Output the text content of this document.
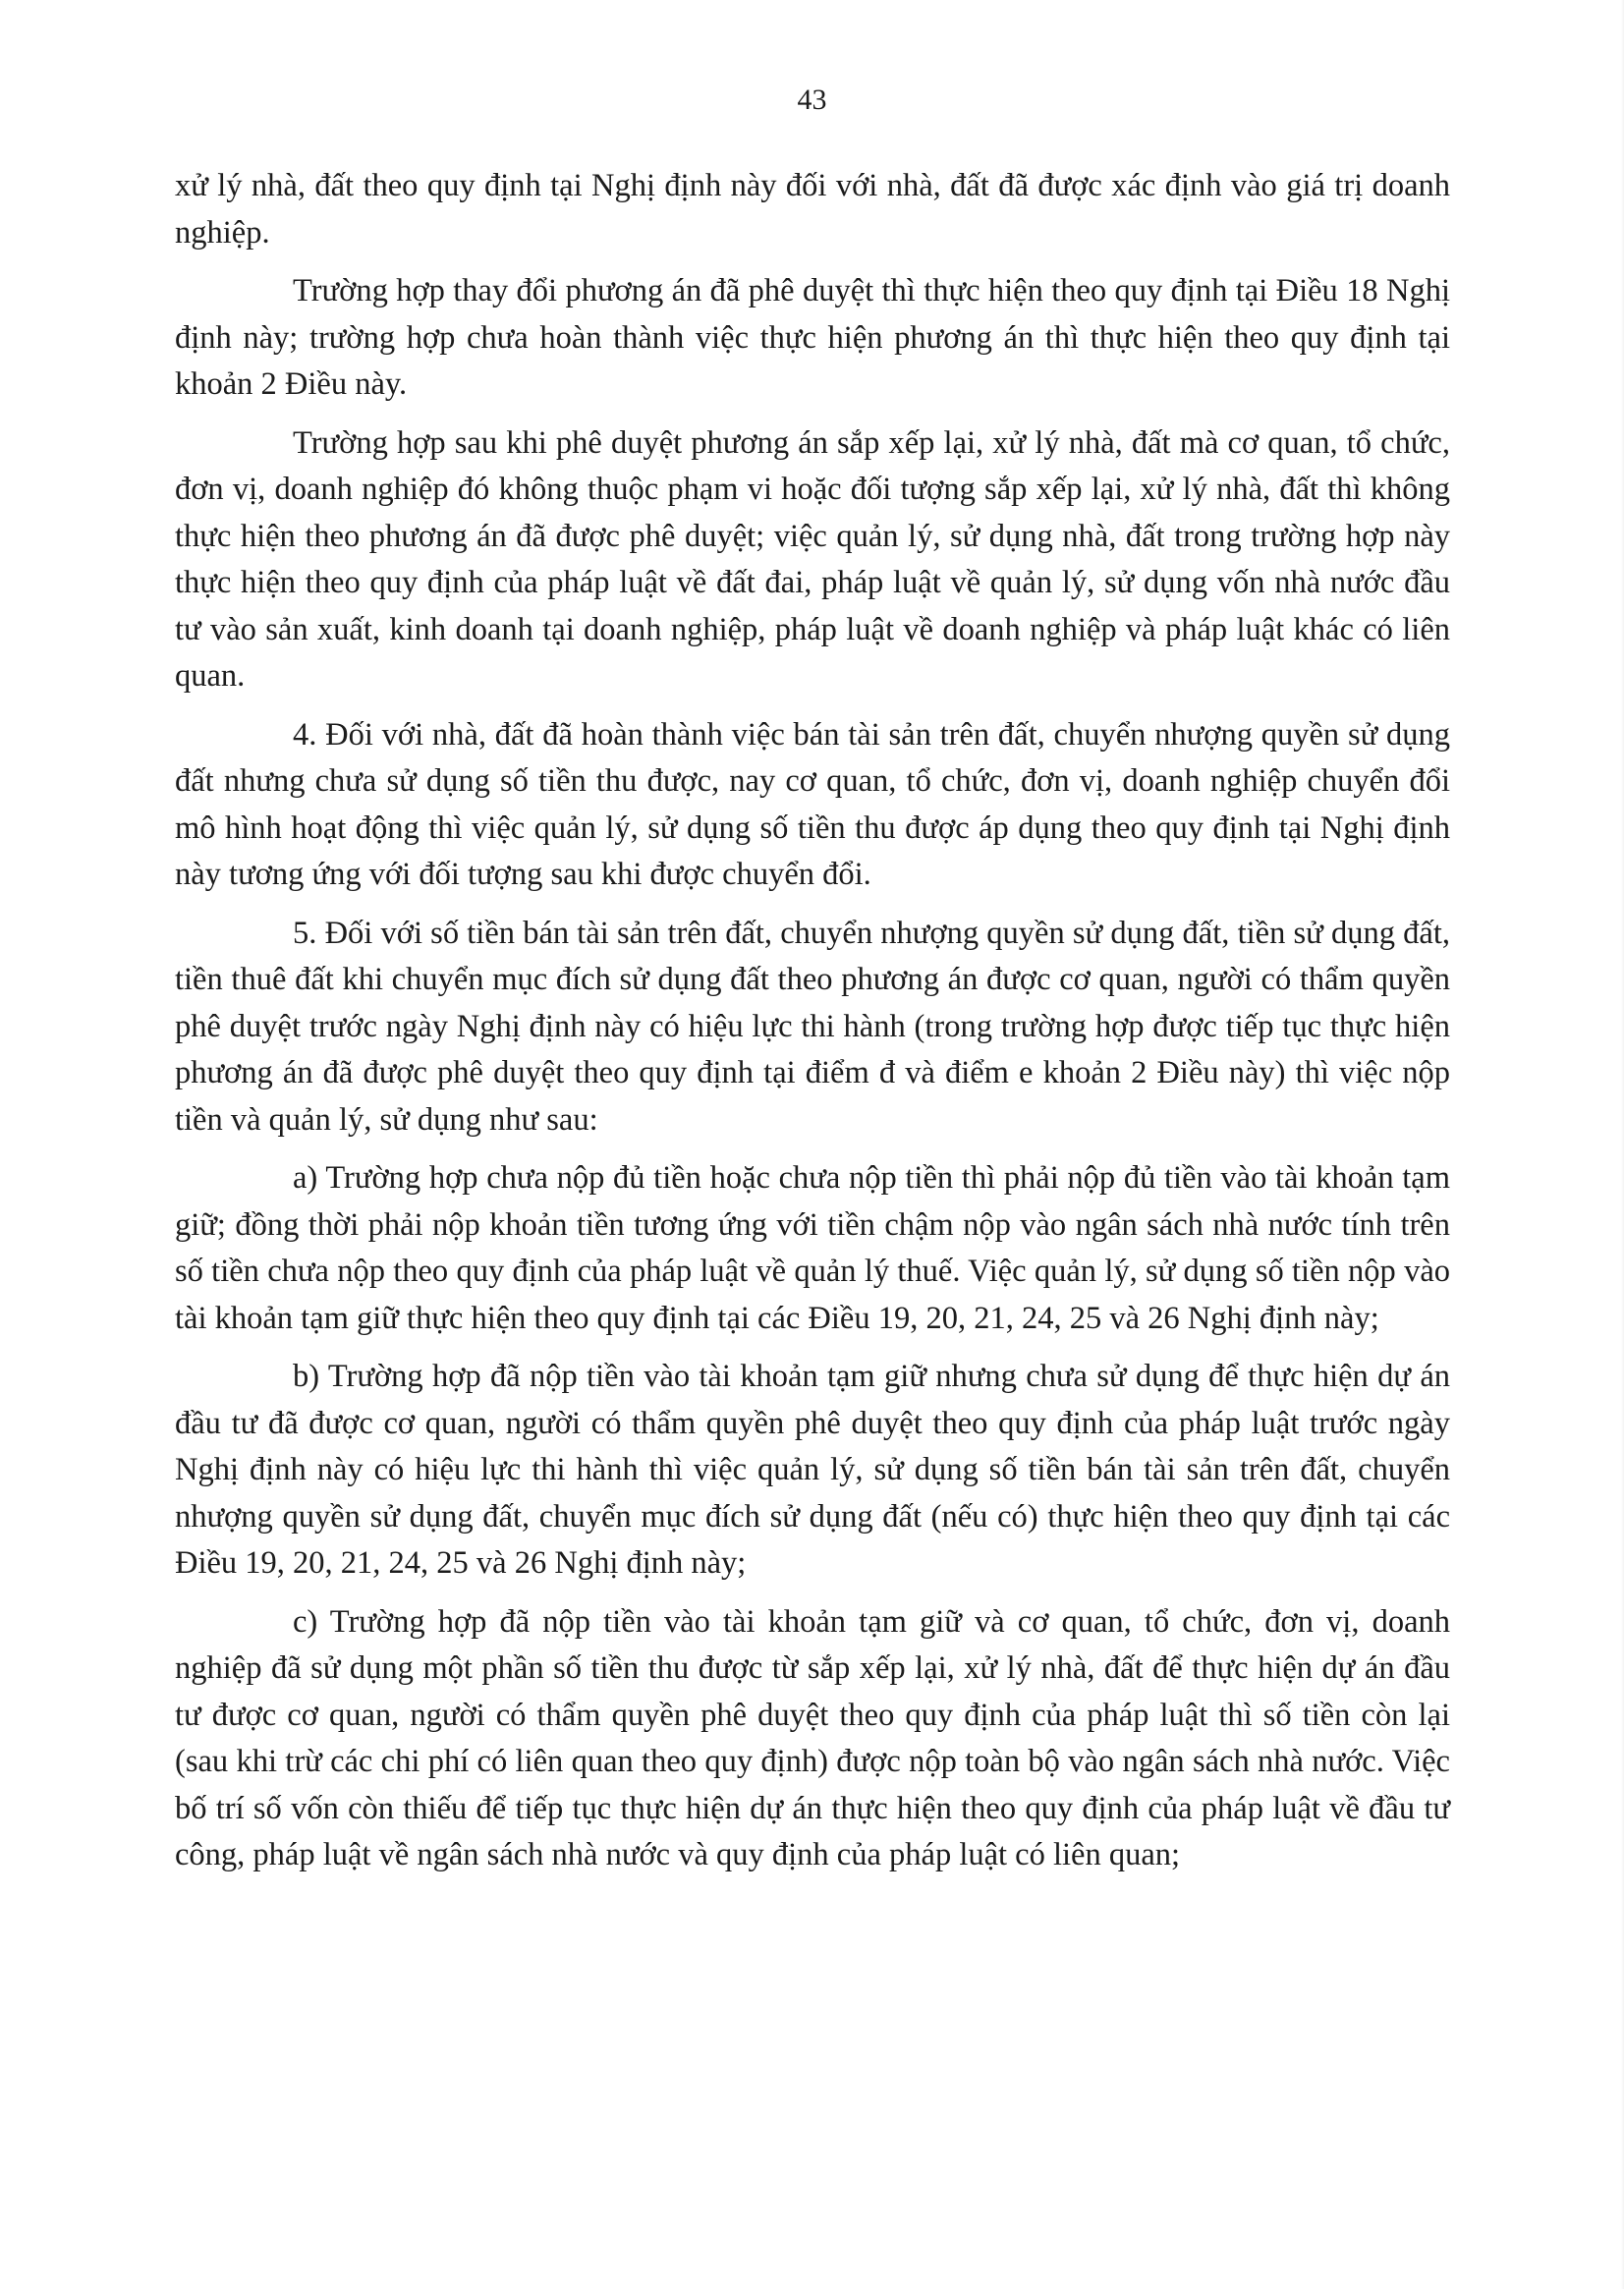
43

xử lý nhà, đất theo quy định tại Nghị định này đối với nhà, đất đã được xác định vào giá trị doanh nghiệp.

Trường hợp thay đổi phương án đã phê duyệt thì thực hiện theo quy định tại Điều 18 Nghị định này; trường hợp chưa hoàn thành việc thực hiện phương án thì thực hiện theo quy định tại khoản 2 Điều này.

Trường hợp sau khi phê duyệt phương án sắp xếp lại, xử lý nhà, đất mà cơ quan, tổ chức, đơn vị, doanh nghiệp đó không thuộc phạm vi hoặc đối tượng sắp xếp lại, xử lý nhà, đất thì không thực hiện theo phương án đã được phê duyệt; việc quản lý, sử dụng nhà, đất trong trường hợp này thực hiện theo quy định của pháp luật về đất đai, pháp luật về quản lý, sử dụng vốn nhà nước đầu tư vào sản xuất, kinh doanh tại doanh nghiệp, pháp luật về doanh nghiệp và pháp luật khác có liên quan.

4. Đối với nhà, đất đã hoàn thành việc bán tài sản trên đất, chuyển nhượng quyền sử dụng đất nhưng chưa sử dụng số tiền thu được, nay cơ quan, tổ chức, đơn vị, doanh nghiệp chuyển đổi mô hình hoạt động thì việc quản lý, sử dụng số tiền thu được áp dụng theo quy định tại Nghị định này tương ứng với đối tượng sau khi được chuyển đổi.

5. Đối với số tiền bán tài sản trên đất, chuyển nhượng quyền sử dụng đất, tiền sử dụng đất, tiền thuê đất khi chuyển mục đích sử dụng đất theo phương án được cơ quan, người có thẩm quyền phê duyệt trước ngày Nghị định này có hiệu lực thi hành (trong trường hợp được tiếp tục thực hiện phương án đã được phê duyệt theo quy định tại điểm đ và điểm e khoản 2 Điều này) thì việc nộp tiền và quản lý, sử dụng như sau:

a) Trường hợp chưa nộp đủ tiền hoặc chưa nộp tiền thì phải nộp đủ tiền vào tài khoản tạm giữ; đồng thời phải nộp khoản tiền tương ứng với tiền chậm nộp vào ngân sách nhà nước tính trên số tiền chưa nộp theo quy định của pháp luật về quản lý thuế. Việc quản lý, sử dụng số tiền nộp vào tài khoản tạm giữ thực hiện theo quy định tại các Điều 19, 20, 21, 24, 25 và 26 Nghị định này;

b) Trường hợp đã nộp tiền vào tài khoản tạm giữ nhưng chưa sử dụng để thực hiện dự án đầu tư đã được cơ quan, người có thẩm quyền phê duyệt theo quy định của pháp luật trước ngày Nghị định này có hiệu lực thi hành thì việc quản lý, sử dụng số tiền bán tài sản trên đất, chuyển nhượng quyền sử dụng đất, chuyển mục đích sử dụng đất (nếu có) thực hiện theo quy định tại các Điều 19, 20, 21, 24, 25 và 26 Nghị định này;

c) Trường hợp đã nộp tiền vào tài khoản tạm giữ và cơ quan, tổ chức, đơn vị, doanh nghiệp đã sử dụng một phần số tiền thu được từ sắp xếp lại, xử lý nhà, đất để thực hiện dự án đầu tư được cơ quan, người có thẩm quyền phê duyệt theo quy định của pháp luật thì số tiền còn lại (sau khi trừ các chi phí có liên quan theo quy định) được nộp toàn bộ vào ngân sách nhà nước. Việc bố trí số vốn còn thiếu để tiếp tục thực hiện dự án thực hiện theo quy định của pháp luật về đầu tư công, pháp luật về ngân sách nhà nước và quy định của pháp luật có liên quan;
